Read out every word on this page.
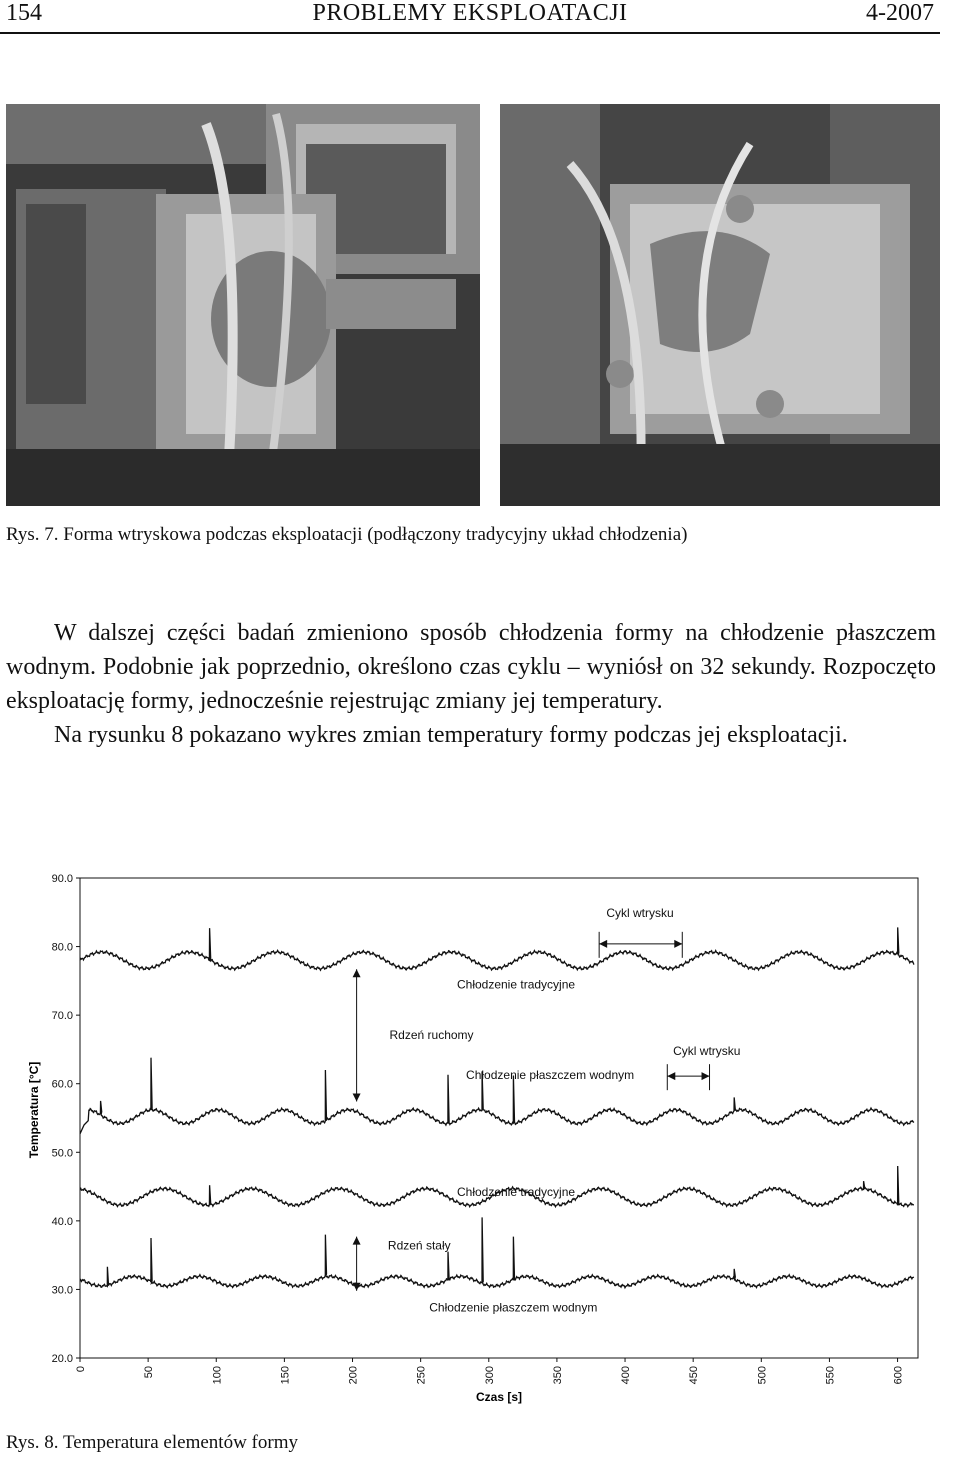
154	PROBLEMY EKSPLOATACJI	4-2007
Rys. 7. Forma wtryskowa podczas eksploatacji (podłączony tradycyjny układ chłodzenia)

W dalszej części badań zmieniono sposób chłodzenia formy na chłodzenie płaszczem wodnym. Podobnie jak poprzednio, określono czas cyklu – wyniósł on 32 sekundy. Rozpoczęto eksploatację formy, jednocześnie rejestrując zmiany jej temperatury.

Na rysunku 8 pokazano wykres zmian temperatury formy podczas jej eksploatacji.

90.0
80.0
70.0
60.0
50.0
40.0
30.0
20.0
0	50	100	150	200	250	300	350	400	450	500	550	600
Cykl wtrysku
Chłodzenie tradycyjne
Rdzeń ruchomy
Cykl wtrysku
Chłodzenie płaszczem wodnym
Chłodzenie tradycyjne
Rdzeń stały
Chłodzenie płaszczem wodnym
Temperatura [°C]
Czas [s]
Rys. 8. Temperatura elementów formy
